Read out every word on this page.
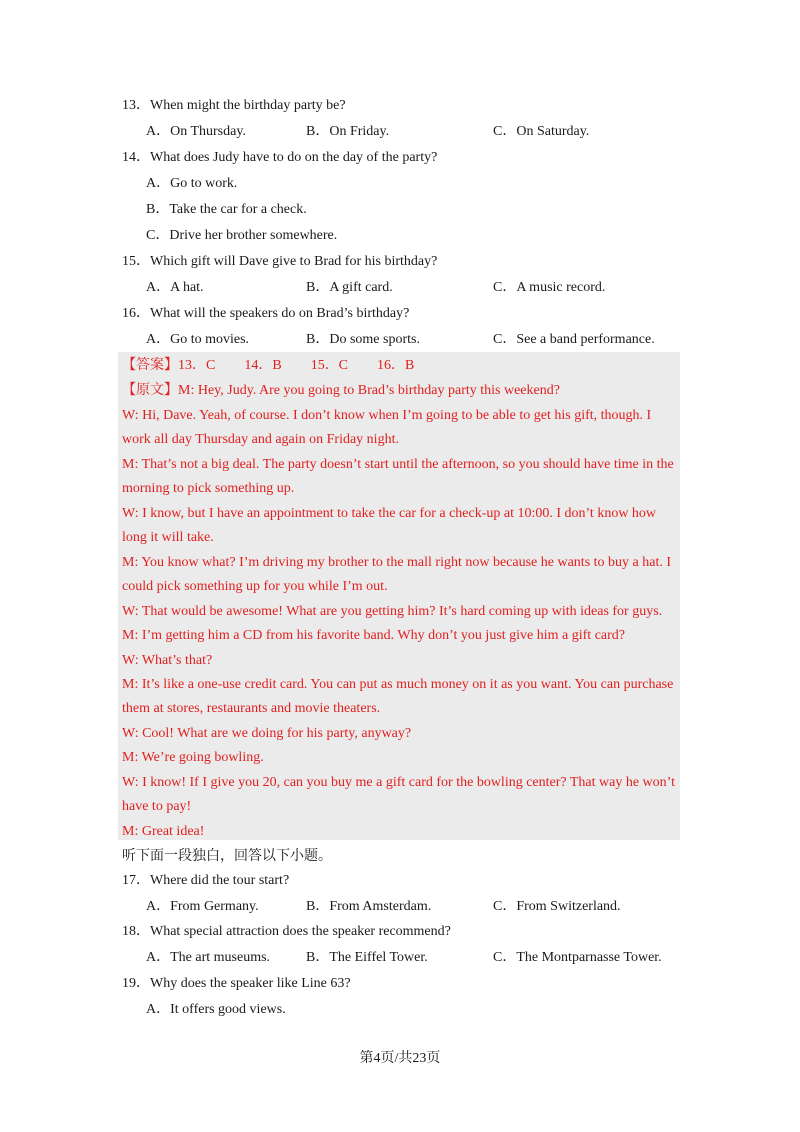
13．When might the birthday party be?
A．On Thursday.	B．On Friday.	C．On Saturday.
14．What does Judy have to do on the day of the party?
A．Go to work.
B．Take the car for a check.
C．Drive her brother somewhere.
15．Which gift will Dave give to Brad for his birthday?
A．A hat.	B．A gift card.	C．A music record.
16．What will the speakers do on Brad’s birthday?
A．Go to movies.	B．Do some sports.	C．See a band performance.
【答案】13．C 14．B 15．C 16．B
【原文】M: Hey, Judy. Are you going to Brad’s birthday party this weekend?
W: Hi, Dave. Yeah, of course. I don’t know when I’m going to be able to get his gift, though. I
work all day Thursday and again on Friday night.
M: That’s not a big deal. The party doesn’t start until the afternoon, so you should have time in the
morning to pick something up.
W: I know, but I have an appointment to take the car for a check-up at 10:00. I don’t know how
long it will take.
M: You know what? I’m driving my brother to the mall right now because he wants to buy a hat. I
could pick something up for you while I’m out.
W: That would be awesome! What are you getting him? It’s hard coming up with ideas for guys.
M: I’m getting him a CD from his favorite band. Why don’t you just give him a gift card?
W: What’s that?
M: It’s like a one-use credit card. You can put as much money on it as you want. You can purchase
them at stores, restaurants and movie theaters.
W: Cool! What are we doing for his party, anyway?
M: We’re going bowling.
W: I know! If I give you 20, can you buy me a gift card for the bowling center? That way he won’t
have to pay!
M: Great idea!
听下面一段独白，回答以下小题。
17．Where did the tour start?
A．From Germany.	B．From Amsterdam.	C．From Switzerland.
18．What special attraction does the speaker recommend?
A．The art museums.	B．The Eiffel Tower.	C．The Montparnasse Tower.
19．Why does the speaker like Line 63?
A．It offers good views.
第4页/共23页
